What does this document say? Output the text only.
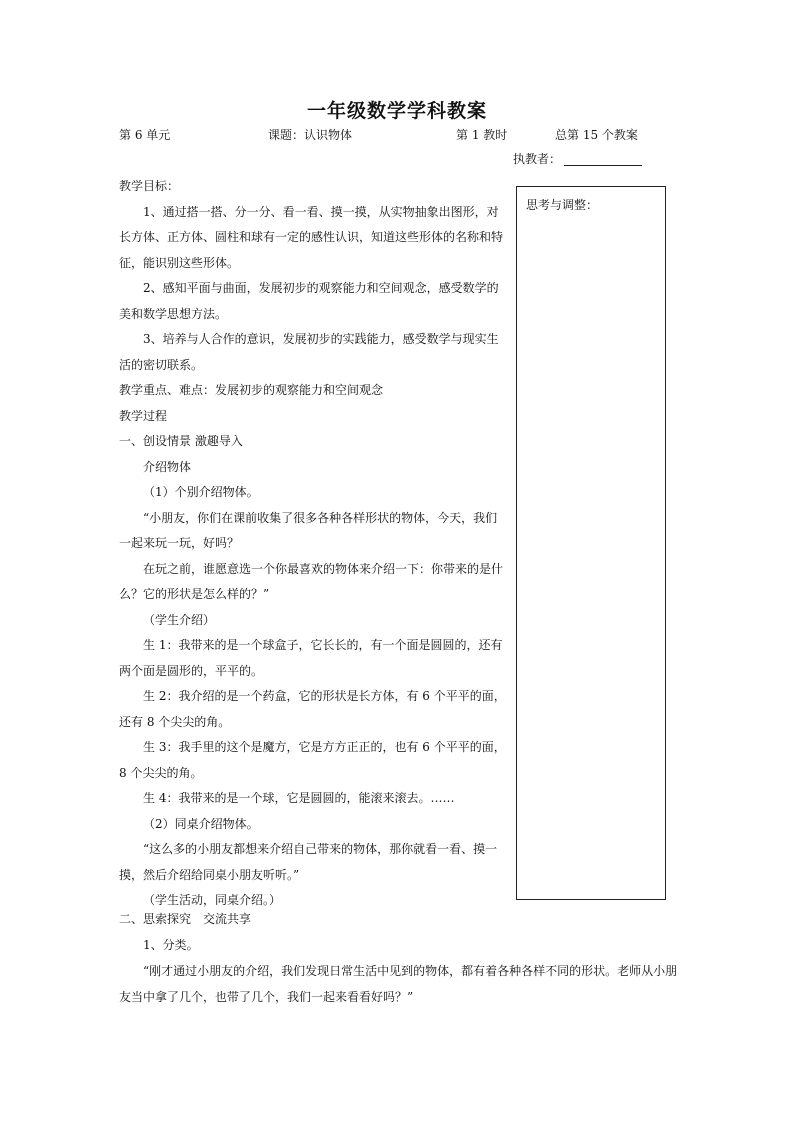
一年级数学学科教案
第 6 单元	课题：认识物体	第 1 教时	总第 15 个教案
执教者：
思考与调整：

教学目标：

1、通过搭一搭、分一分、看一看、摸一摸，从实物抽象出图形，对长方体、正方体、圆柱和球有一定的感性认识，知道这些形体的名称和特征，能识别这些形体。

2、感知平面与曲面，发展初步的观察能力和空间观念，感受数学的美和数学思想方法。

3、培养与人合作的意识，发展初步的实践能力，感受数学与现实生活的密切联系。

教学重点、难点：发展初步的观察能力和空间观念

教学过程

一、创设情景 激趣导入

介绍物体

（1）个别介绍物体。

“小朋友，你们在课前收集了很多各种各样形状的物体，今天，我们一起来玩一玩，好吗？

在玩之前，谁愿意选一个你最喜欢的物体来介绍一下：你带来的是什么？它的形状是怎么样的？”

（学生介绍）

生 1：我带来的是一个球盒子，它长长的，有一个面是圆圆的，还有两个面是圆形的，平平的。

生 2：我介绍的是一个药盒，它的形状是长方体，有 6 个平平的面，还有 8 个尖尖的角。

生 3：我手里的这个是魔方，它是方方正正的，也有 6 个平平的面，8 个尖尖的角。

生 4：我带来的是一个球，它是圆圆的，能滚来滚去。……

（2）同桌介绍物体。

“这么多的小朋友都想来介绍自己带来的物体，那你就看一看、摸一摸，然后介绍给同桌小朋友听听。”

（学生活动，同桌介绍。）

二、思索探究　交流共享

1、分类。

“刚才通过小朋友的介绍，我们发现日常生活中见到的物体，都有着各种各样不同的形状。老师从小朋友当中拿了几个，也带了几个，我们一起来看看好吗？”
